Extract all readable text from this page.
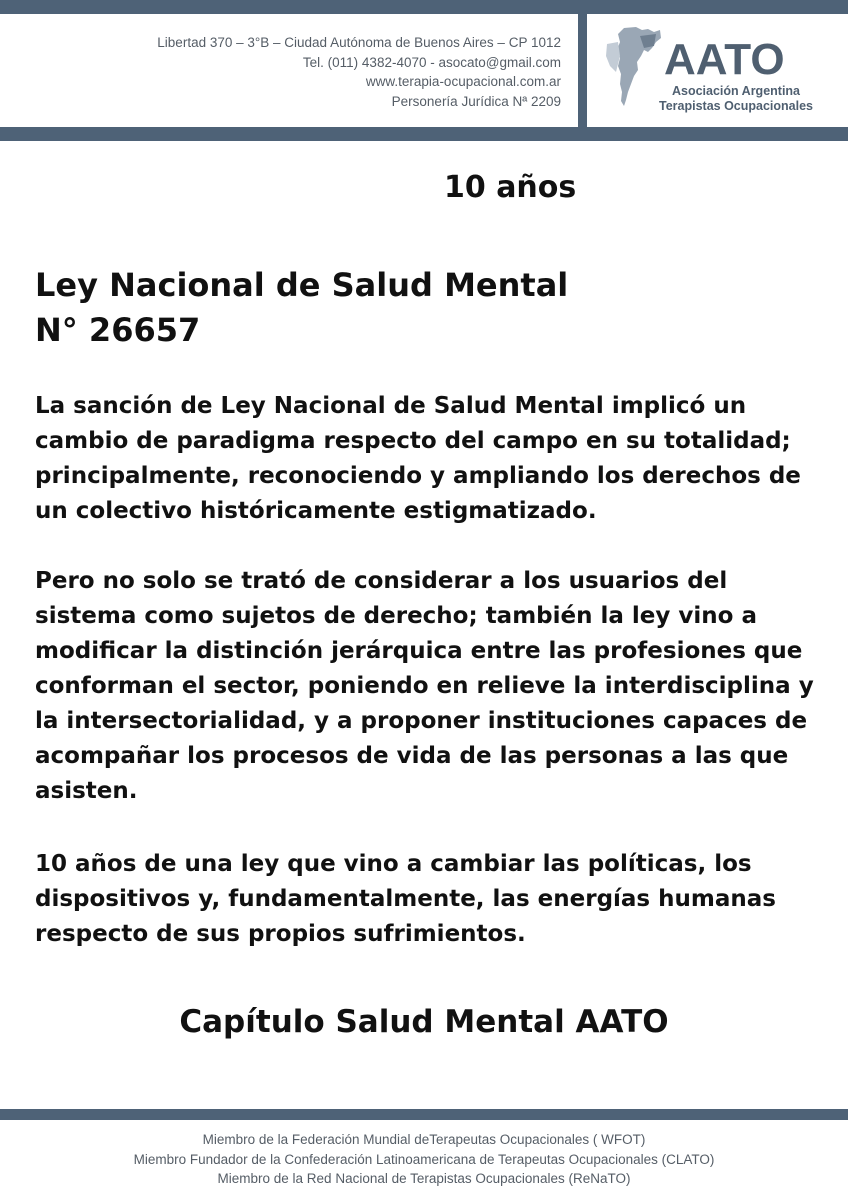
Libertad 370 – 3°B – Ciudad Autónoma de Buenos Aires – CP 1012
Tel. (011) 4382-4070 - asocato@gmail.com
www.terapia-ocupacional.com.ar
Personería Jurídica Nª 2209
AATO
Asociación Argentina
Terapistas Ocupacionales
10 años
Ley Nacional de Salud Mental
N° 26657
La sanción de Ley Nacional de Salud Mental implicó un
cambio de paradigma respecto del campo en su totalidad;
principalmente, reconociendo y ampliando los derechos de
un colectivo históricamente estigmatizado.
Pero no solo se trató de considerar a los usuarios del
sistema como sujetos de derecho; también la ley vino a
modificar la distinción jerárquica entre las profesiones que
conforman el sector, poniendo en relieve la interdisciplina y
la intersectorialidad, y a proponer instituciones capaces de
acompañar los procesos de vida de las personas a las que
asisten.
10 años de una ley que vino a cambiar las políticas, los
dispositivos y, fundamentalmente, las energías humanas
respecto de sus propios sufrimientos.
Capítulo Salud Mental AATO
Miembro de la Federación Mundial deTerapeutas Ocupacionales ( WFOT)
Miembro Fundador de la Confederación Latinoamericana de Terapeutas Ocupacionales (CLATO)
Miembro de la Red Nacional de Terapistas Ocupacionales (ReNaTO)
